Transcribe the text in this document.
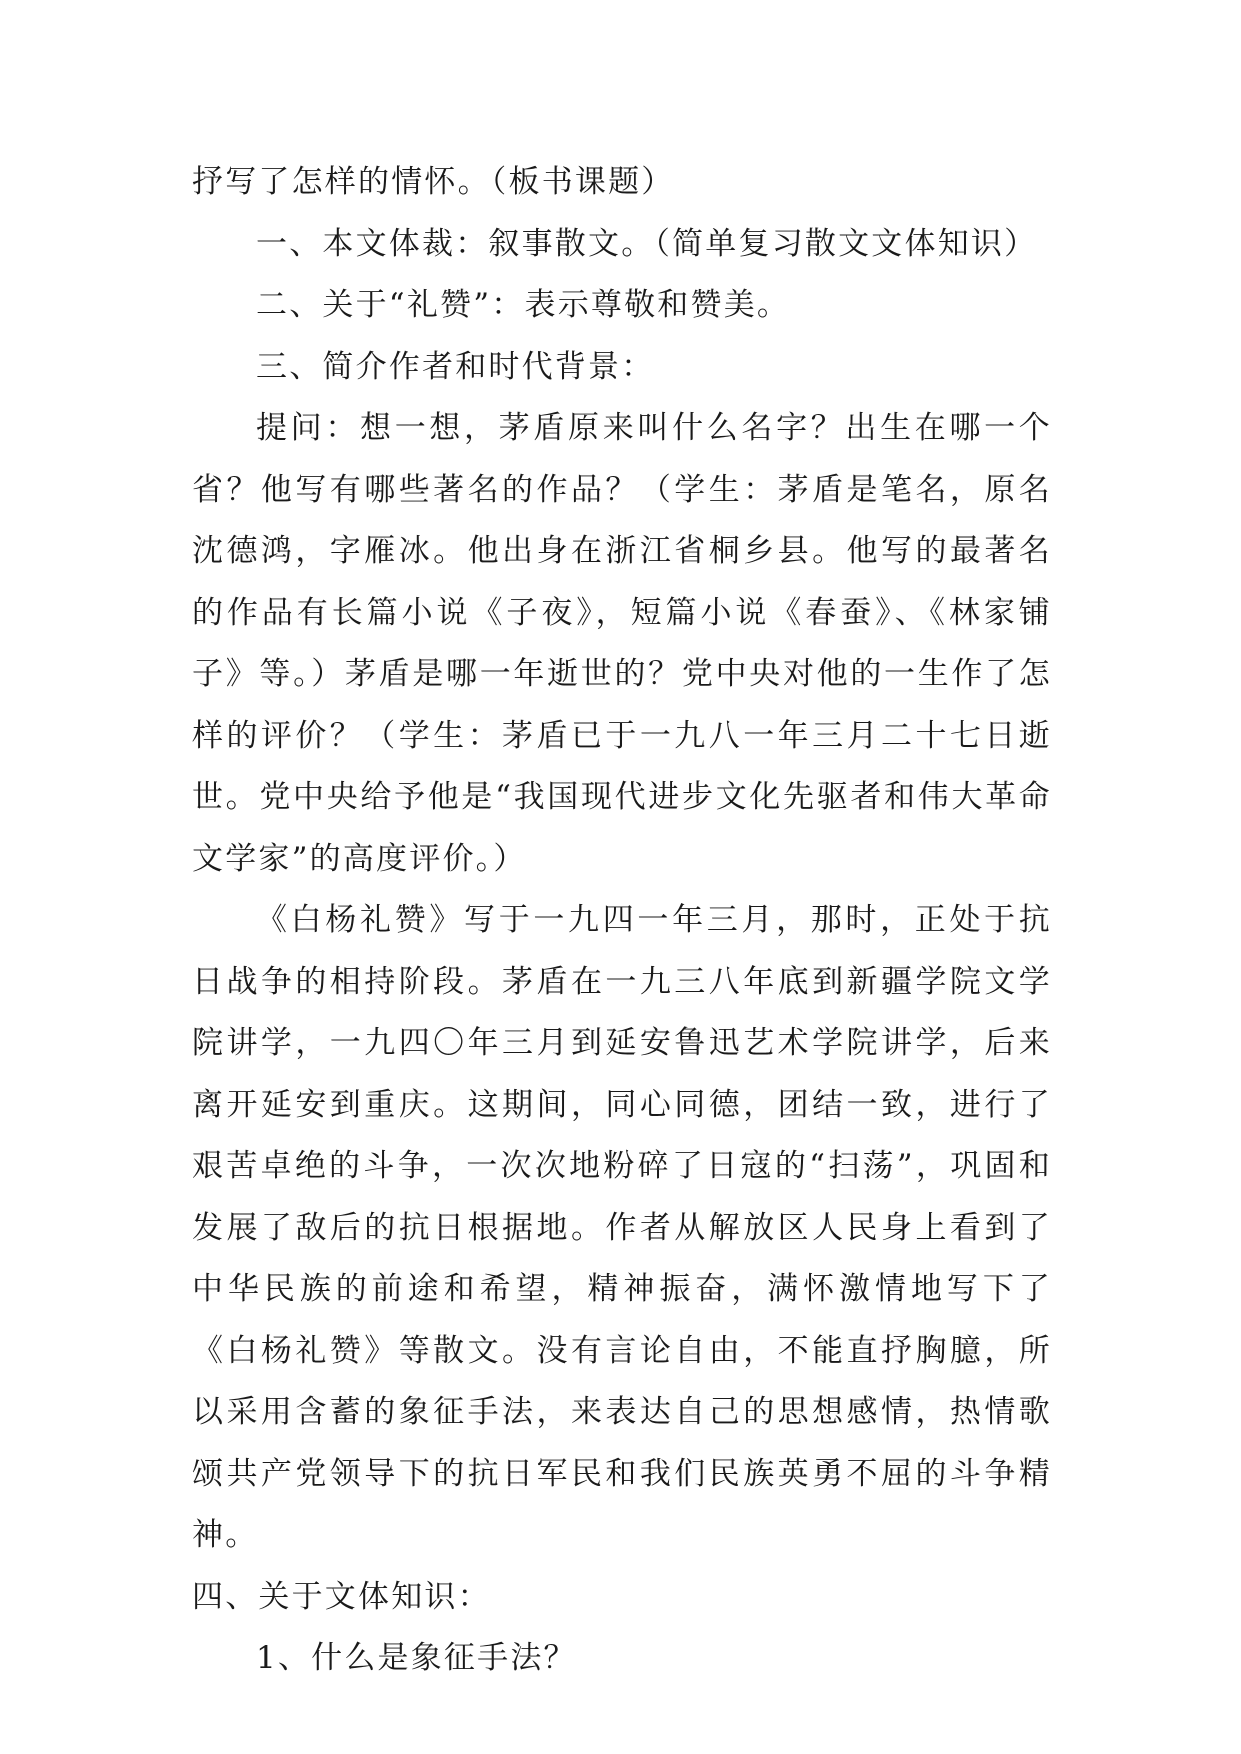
抒写了怎样的情怀。（板书课题）

一、本文体裁：叙事散文。（简单复习散文文体知识）

二、关于“礼赞”：表示尊敬和赞美。

三、简介作者和时代背景：

提问：想一想，茅盾原来叫什么名字？出生在哪一个省？他写有哪些著名的作品？（学生：茅盾是笔名，原名沈德鸿，字雁冰。他出身在浙江省桐乡县。他写的最著名的作品有长篇小说《子夜》，短篇小说《春蚕》、《林家铺子》等。）茅盾是哪一年逝世的？党中央对他的一生作了怎样的评价？（学生：茅盾已于一九八一年三月二十七日逝世。党中央给予他是“我国现代进步文化先驱者和伟大革命文学家”的高度评价。）

《白杨礼赞》写于一九四一年三月，那时，正处于抗日战争的相持阶段。茅盾在一九三八年底到新疆学院文学院讲学，一九四〇年三月到延安鲁迅艺术学院讲学，后来离开延安到重庆。这期间，同心同德，团结一致，进行了艰苦卓绝的斗争，一次次地粉碎了日寇的“扫荡”，巩固和发展了敌后的抗日根据地。作者从解放区人民身上看到了中华民族的前途和希望，精神振奋，满怀激情地写下了《白杨礼赞》等散文。没有言论自由，不能直抒胸臆，所以采用含蓄的象征手法，来表达自己的思想感情，热情歌颂共产党领导下的抗日军民和我们民族英勇不屈的斗争精神。

四、关于文体知识：

1、什么是象征手法？
